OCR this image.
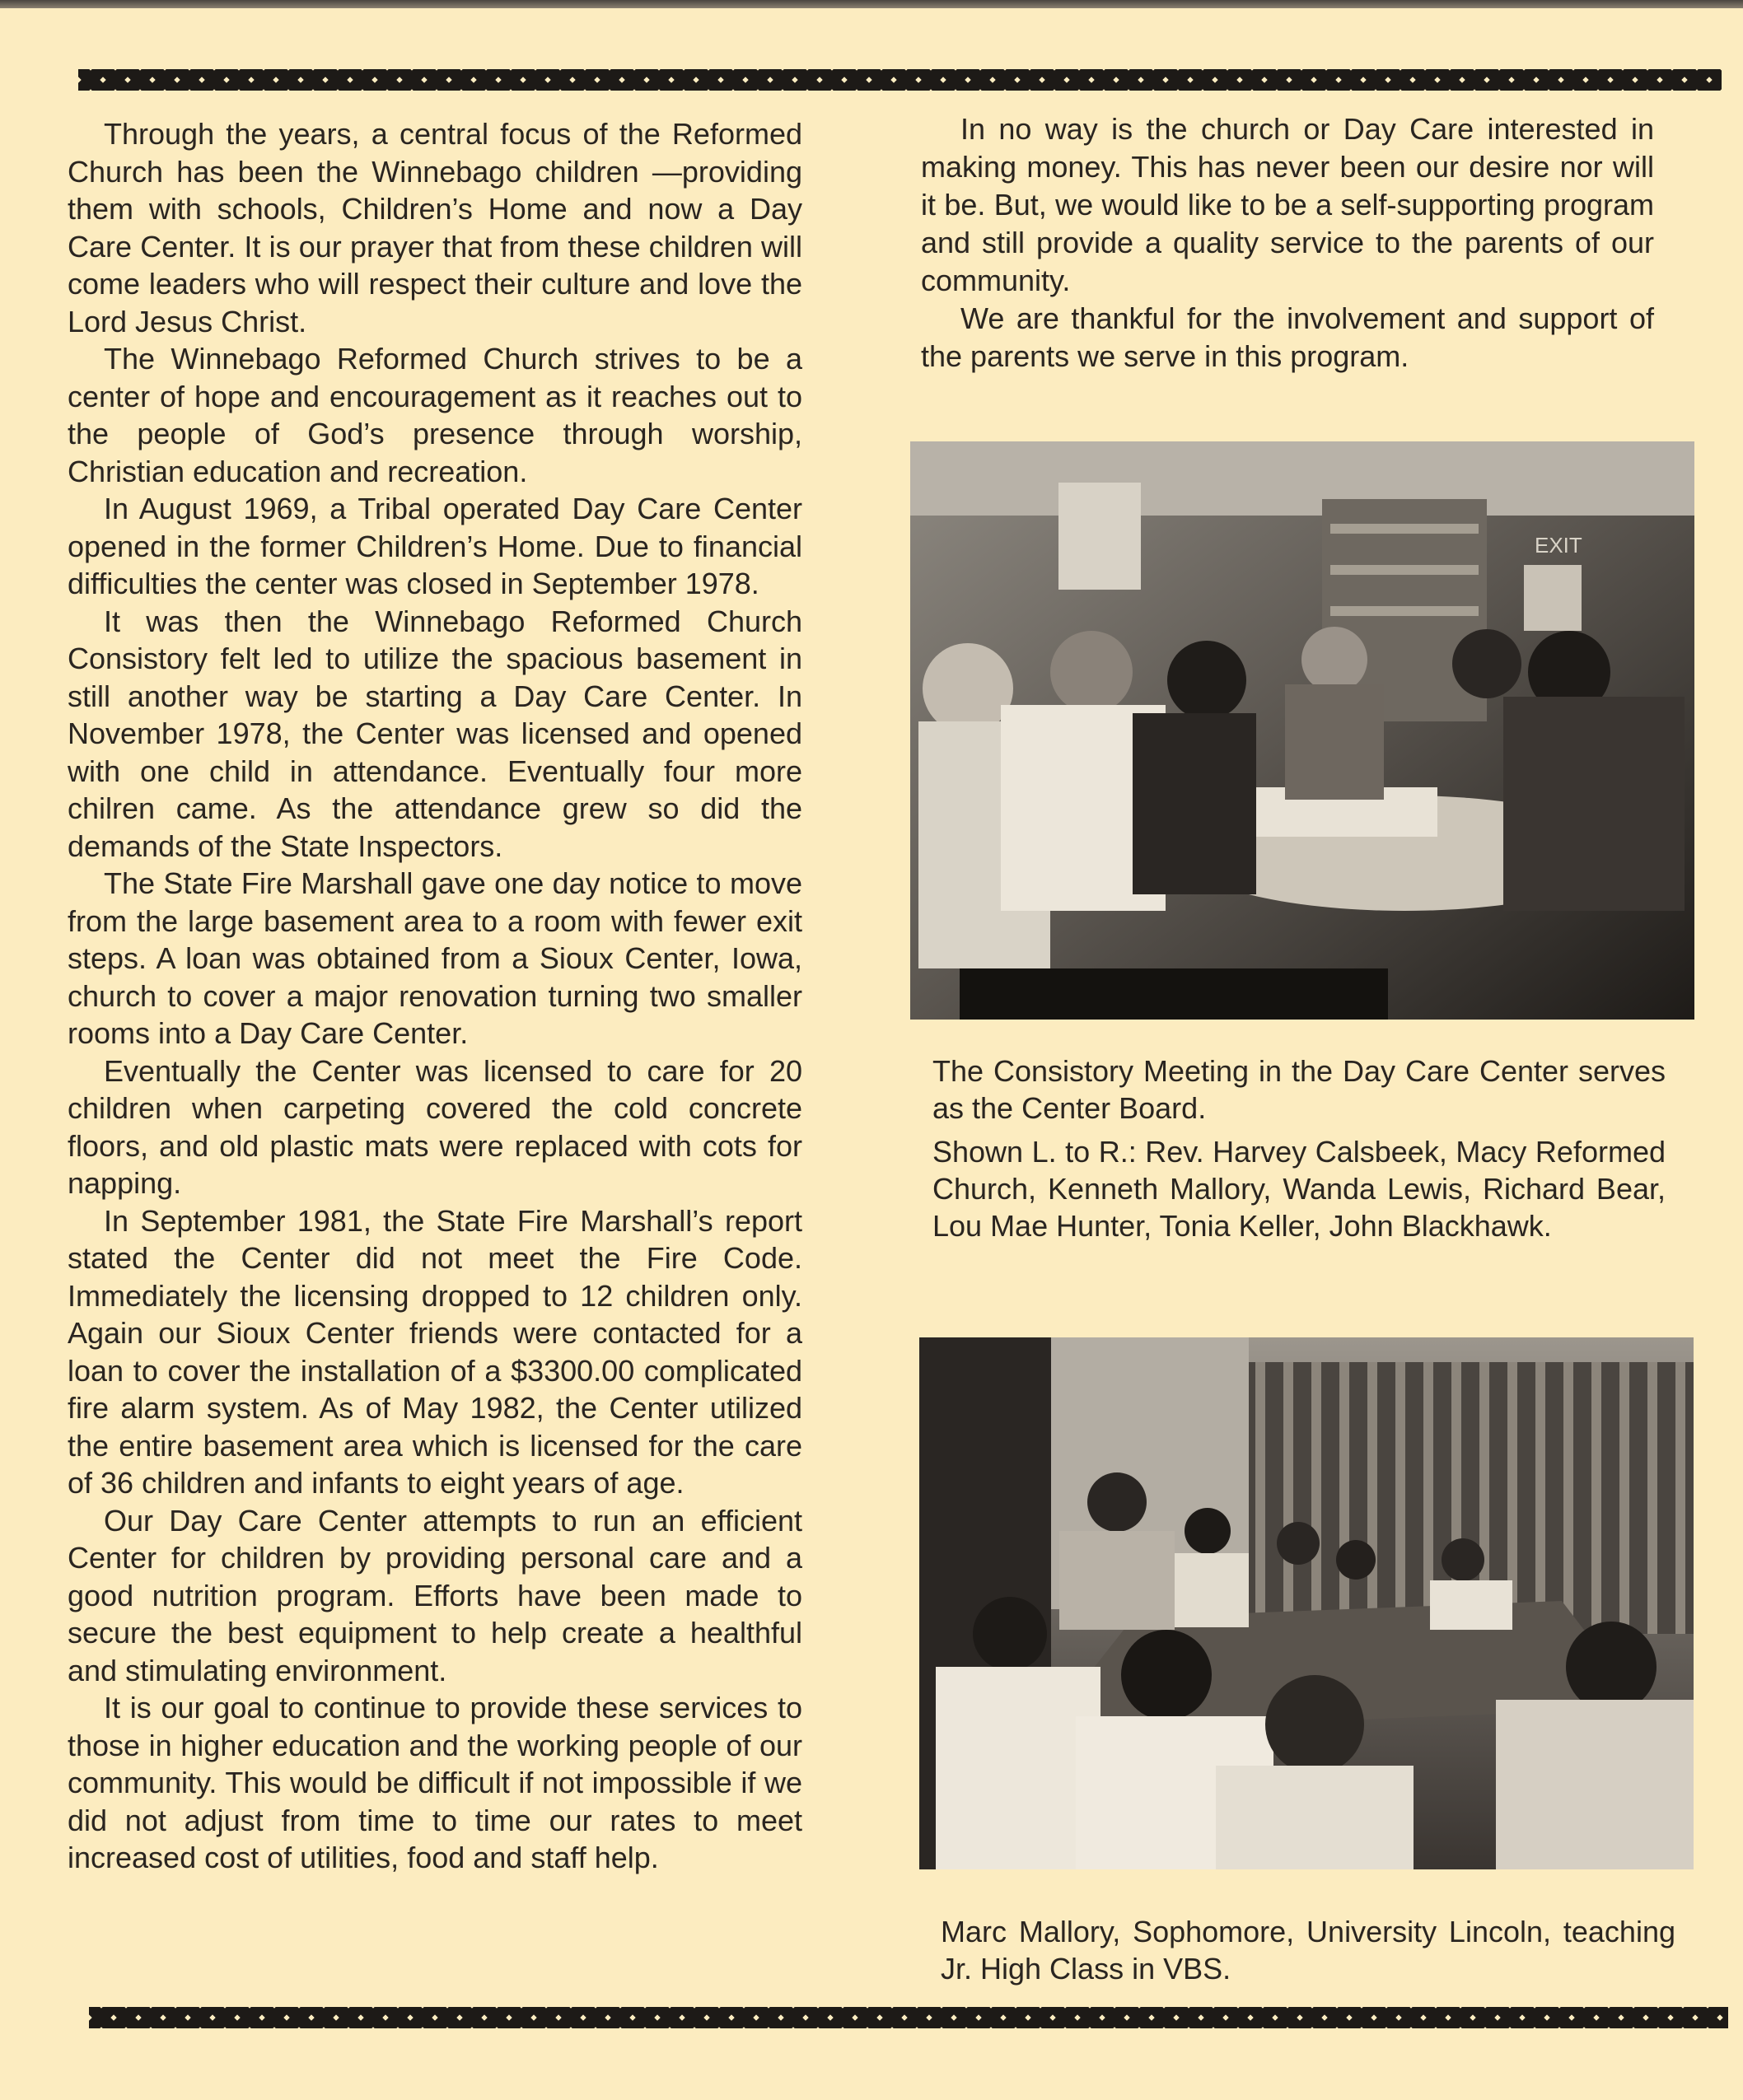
Through the years, a central focus of the Reformed Church has been the Winnebago children —providing them with schools, Children’s Home and now a Day Care Center. It is our prayer that from these children will come leaders who will respect their culture and love the Lord Jesus Christ.

The Winnebago Reformed Church strives to be a center of hope and encouragement as it reaches out to the people of God’s presence through worship, Christian education and recreation.

In August 1969, a Tribal operated Day Care Center opened in the former Children’s Home. Due to financial difficulties the center was closed in September 1978.

It was then the Winnebago Reformed Church Consistory felt led to utilize the spacious basement in still another way be starting a Day Care Center. In November 1978, the Center was licensed and opened with one child in attendance. Eventually four more chilren came. As the attendance grew so did the demands of the State Inspectors.

The State Fire Marshall gave one day notice to move from the large basement area to a room with fewer exit steps. A loan was obtained from a Sioux Center, Iowa, church to cover a major renovation turning two smaller rooms into a Day Care Center.

Eventually the Center was licensed to care for 20 children when carpeting covered the cold concrete floors, and old plastic mats were replaced with cots for napping.

In September 1981, the State Fire Marshall’s report stated the Center did not meet the Fire Code. Immediately the licensing dropped to 12 children only. Again our Sioux Center friends were contacted for a loan to cover the installation of a $3300.00 complicated fire alarm system. As of May 1982, the Center utilized the entire basement area which is licensed for the care of 36 children and infants to eight years of age.

Our Day Care Center attempts to run an efficient Center for children by providing personal care and a good nutrition program. Efforts have been made to secure the best equipment to help create a healthful and stimulating environment.

It is our goal to continue to provide these services to those in higher education and the working people of our community. This would be difficult if not impossible if we did not adjust from time to time our rates to meet increased cost of utilities, food and staff help.

In no way is the church or Day Care interested in making money. This has never been our desire nor will it be. But, we would like to be a self-supporting program and still provide a quality service to the parents of our community.

We are thankful for the involvement and support of the parents we serve in this program.

EXIT

The Consistory Meeting in the Day Care Center serves as the Center Board.

Shown L. to R.: Rev. Harvey Calsbeek, Macy Reformed Church, Kenneth Mallory, Wanda Lewis, Richard Bear, Lou Mae Hunter, Tonia Keller, John Blackhawk.

Marc Mallory, Sophomore, University Lincoln, teaching Jr. High Class in VBS.
